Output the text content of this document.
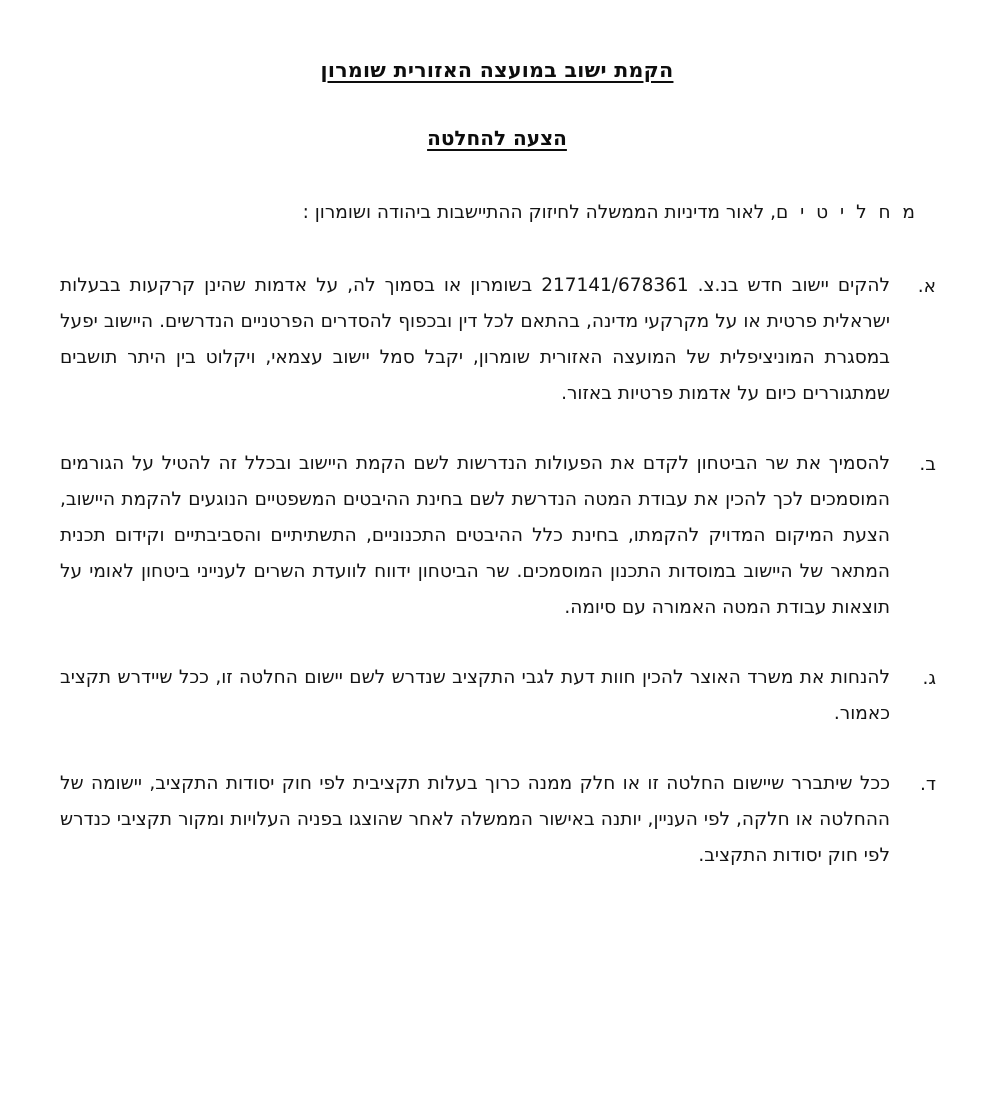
הקמת ישוב במועצה האזורית שומרון
הצעה להחלטה

מ ח ל י ט י ם, לאור מדיניות הממשלה לחיזוק ההתיישבות ביהודה ושומרון :

א.
להקים יישוב חדש בנ.צ. 217141/678361 בשומרון או בסמוך לה, על אדמות שהינן קרקעות בבעלות ישראלית פרטית או על מקרקעי מדינה, בהתאם לכל דין ובכפוף להסדרים הפרטניים הנדרשים. היישוב יפעל במסגרת המוניציפלית של המועצה האזורית שומרון, יקבל סמל יישוב עצמאי, ויקלוט בין היתר תושבים שמתגוררים כיום על אדמות פרטיות באזור.
ב.
להסמיך את שר הביטחון לקדם את הפעולות הנדרשות לשם הקמת היישוב ובכלל זה להטיל על הגורמים המוסמכים לכך להכין את עבודת המטה הנדרשת לשם בחינת ההיבטים המשפטיים הנוגעים להקמת היישוב, הצעת המיקום המדויק להקמתו, בחינת כלל ההיבטים התכנוניים, התשתיתיים והסביבתיים וקידום תכנית המתאר של היישוב במוסדות התכנון המוסמכים. שר הביטחון ידווח לוועדת השרים לענייני ביטחון לאומי על תוצאות עבודת המטה האמורה עם סיומה.
ג.
להנחות את משרד האוצר להכין חוות דעת לגבי התקציב שנדרש לשם יישום החלטה זו, ככל שיידרש תקציב כאמור.
ד.
ככל שיתברר שיישום החלטה זו או חלק ממנה כרוך בעלות תקציבית לפי חוק יסודות התקציב, יישומה של ההחלטה או חלקה, לפי העניין, יותנה באישור הממשלה לאחר שהוצגו בפניה העלויות ומקור תקציבי כנדרש לפי חוק יסודות התקציב.
